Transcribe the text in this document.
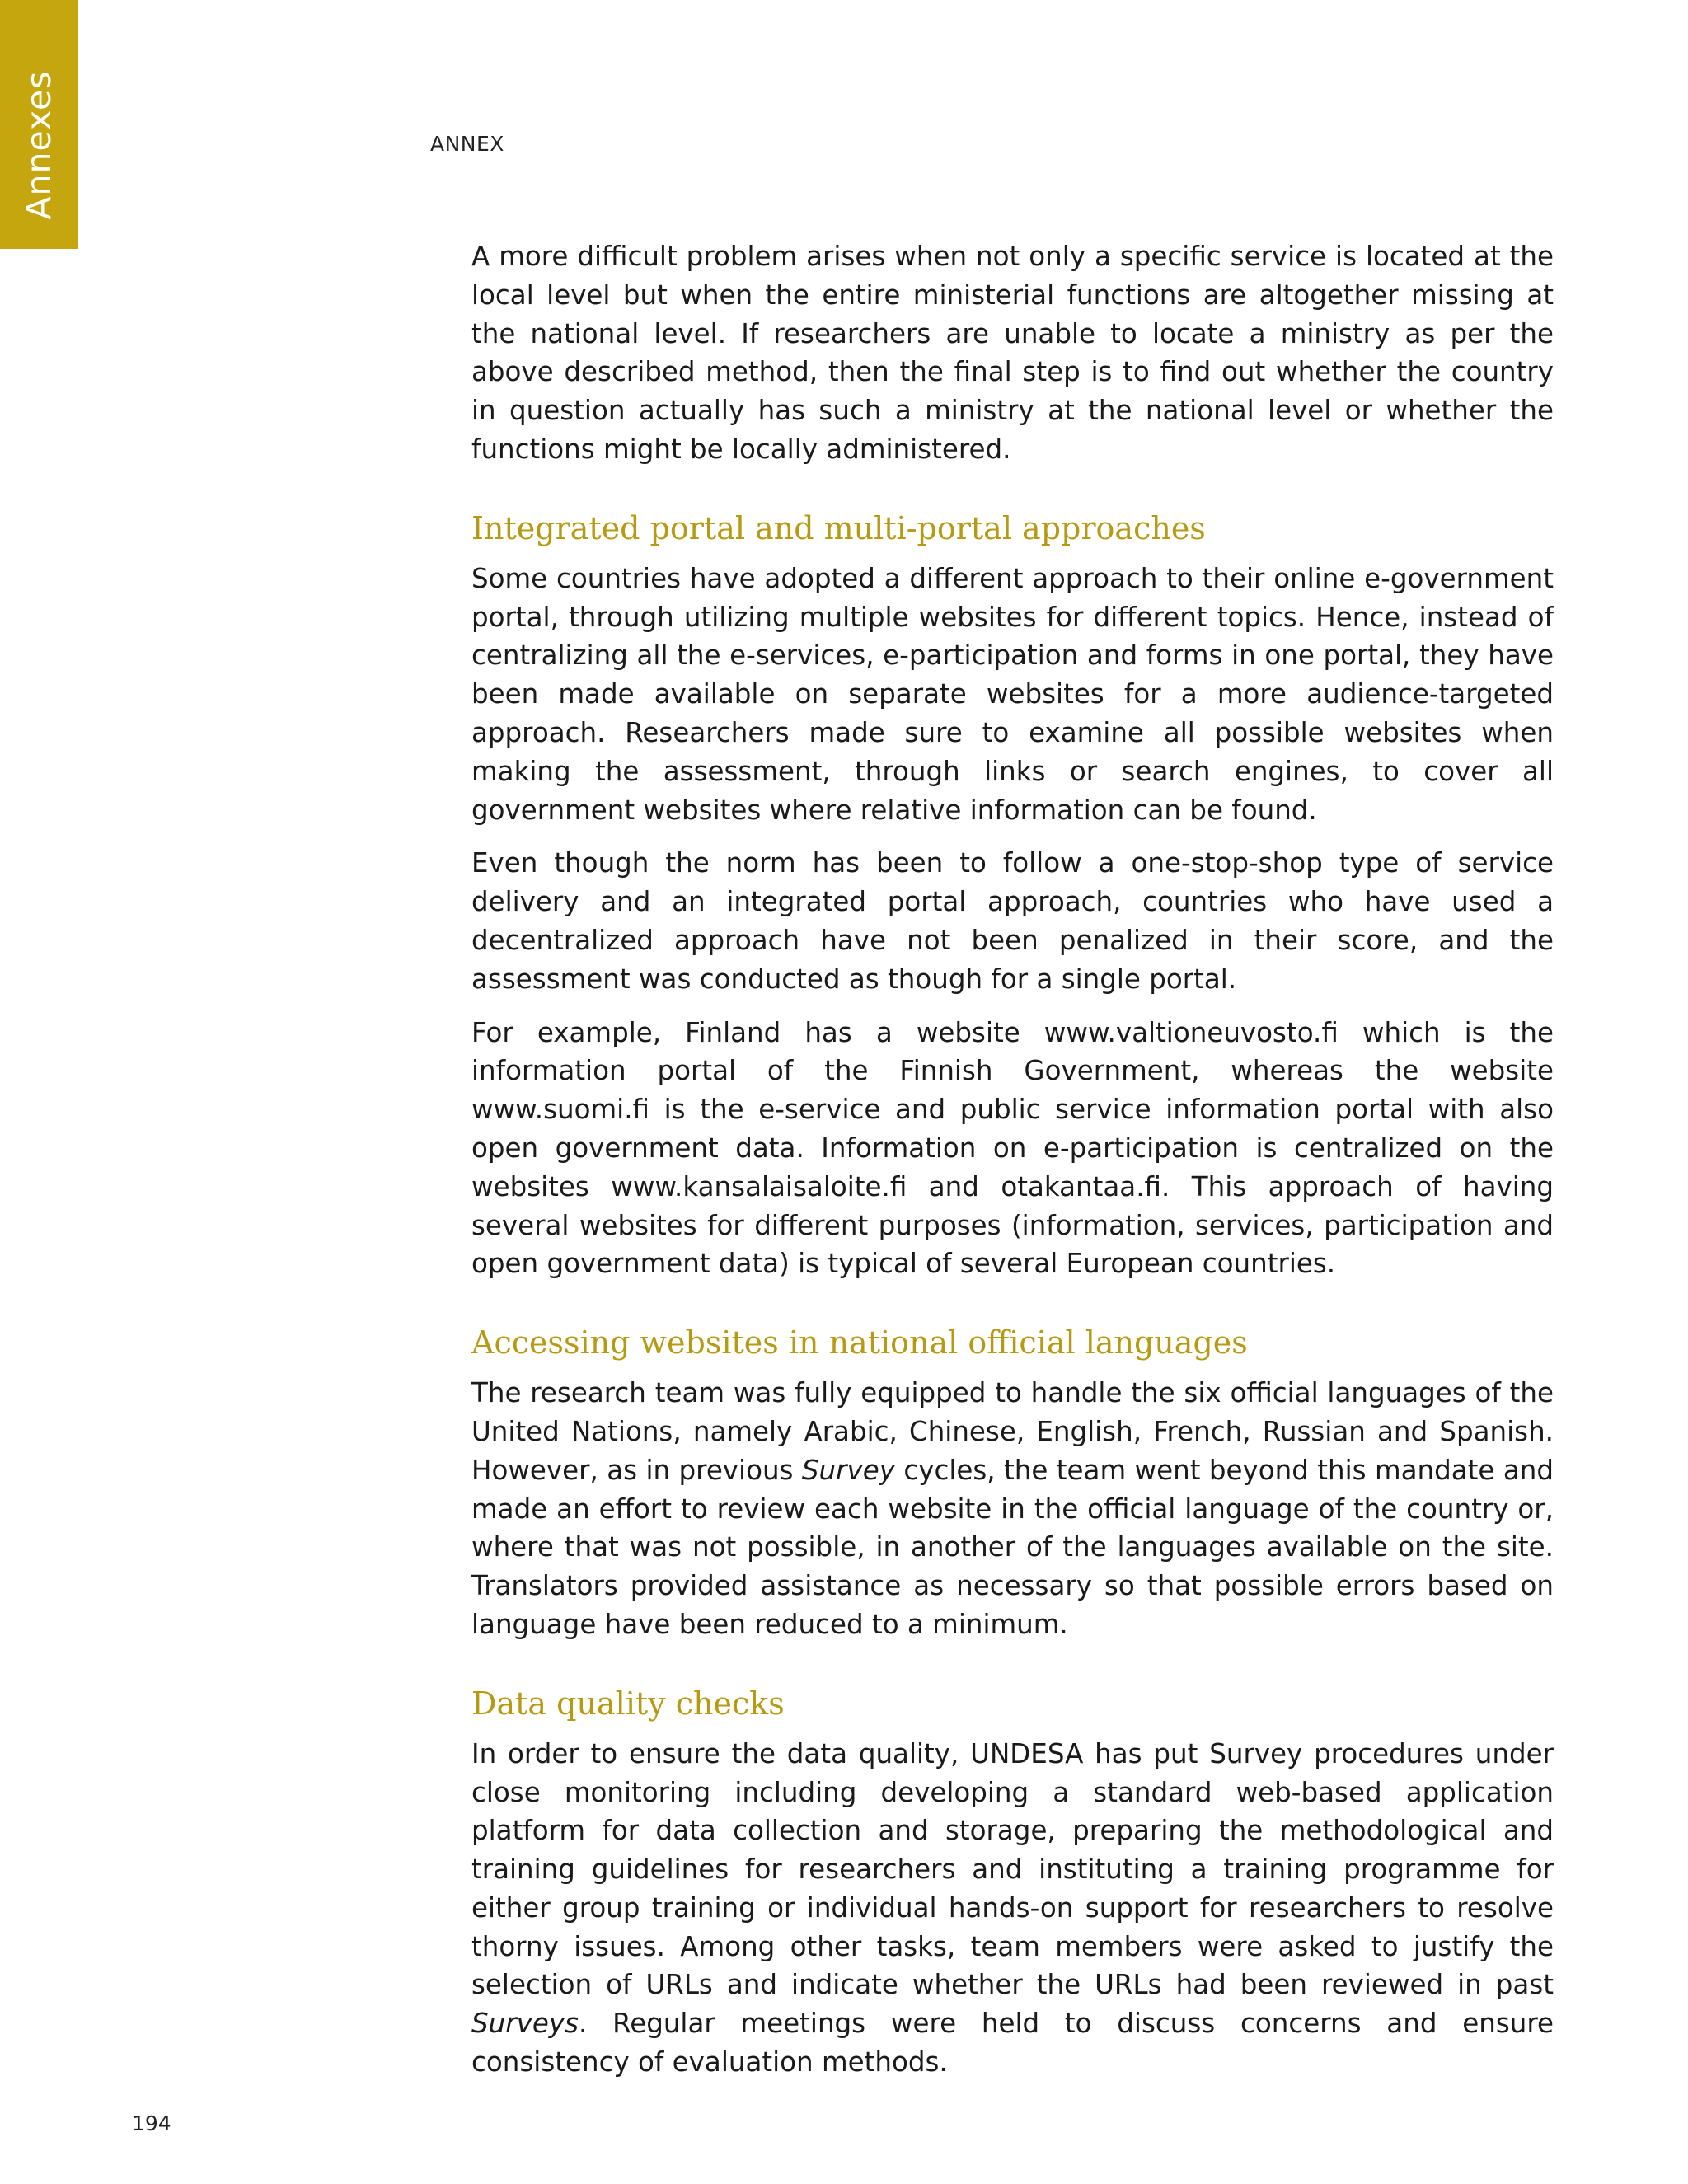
Annexes	ANNEX

A more difficult problem arises when not only a specific service is located at the local level but when the entire ministerial functions are altogether missing at the national level. If researchers are unable to locate a ministry as per the above described method, then the final step is to find out whether the country in question actually has such a ministry at the national level or whether the functions might be locally administered.

Integrated portal and multi-portal approaches

Some countries have adopted a different approach to their online e-government portal, through utilizing multiple websites for different topics. Hence, instead of centralizing all the e-services, e-participation and forms in one portal, they have been made available on separate websites for a more audience-targeted approach. Researchers made sure to examine all possible websites when making the assessment, through links or search engines, to cover all government websites where relative information can be found.

Even though the norm has been to follow a one-stop-shop type of service delivery and an integrated portal approach, countries who have used a decentralized approach have not been penalized in their score, and the assessment was conducted as though for a single portal.

For example, Finland has a website www.valtioneuvosto.fi which is the information portal of the Finnish Government, whereas the website www.suomi.fi is the e-service and public service information portal with also open government data. Information on e-participation is centralized on the websites www.kansalaisaloite.fi and otakantaa.fi. This approach of having several websites for different purposes (information, services, participation and open government data) is typical of several European countries.

Accessing websites in national official languages

The research team was fully equipped to handle the six official languages of the United Nations, namely Arabic, Chinese, English, French, Russian and Spanish. However, as in previous Survey cycles, the team went beyond this mandate and made an effort to review each website in the official language of the country or, where that was not possible, in another of the languages available on the site. Translators provided assistance as necessary so that possible errors based on language have been reduced to a minimum.

Data quality checks

In order to ensure the data quality, UNDESA has put Survey procedures under close monitoring including developing a standard web-based application platform for data collection and storage, preparing the methodological and training guidelines for researchers and instituting a training programme for either group training or individual hands-on support for researchers to resolve thorny issues. Among other tasks, team members were asked to justify the selection of URLs and indicate whether the URLs had been reviewed in past Surveys. Regular meetings were held to discuss concerns and ensure consistency of evaluation methods.

194
